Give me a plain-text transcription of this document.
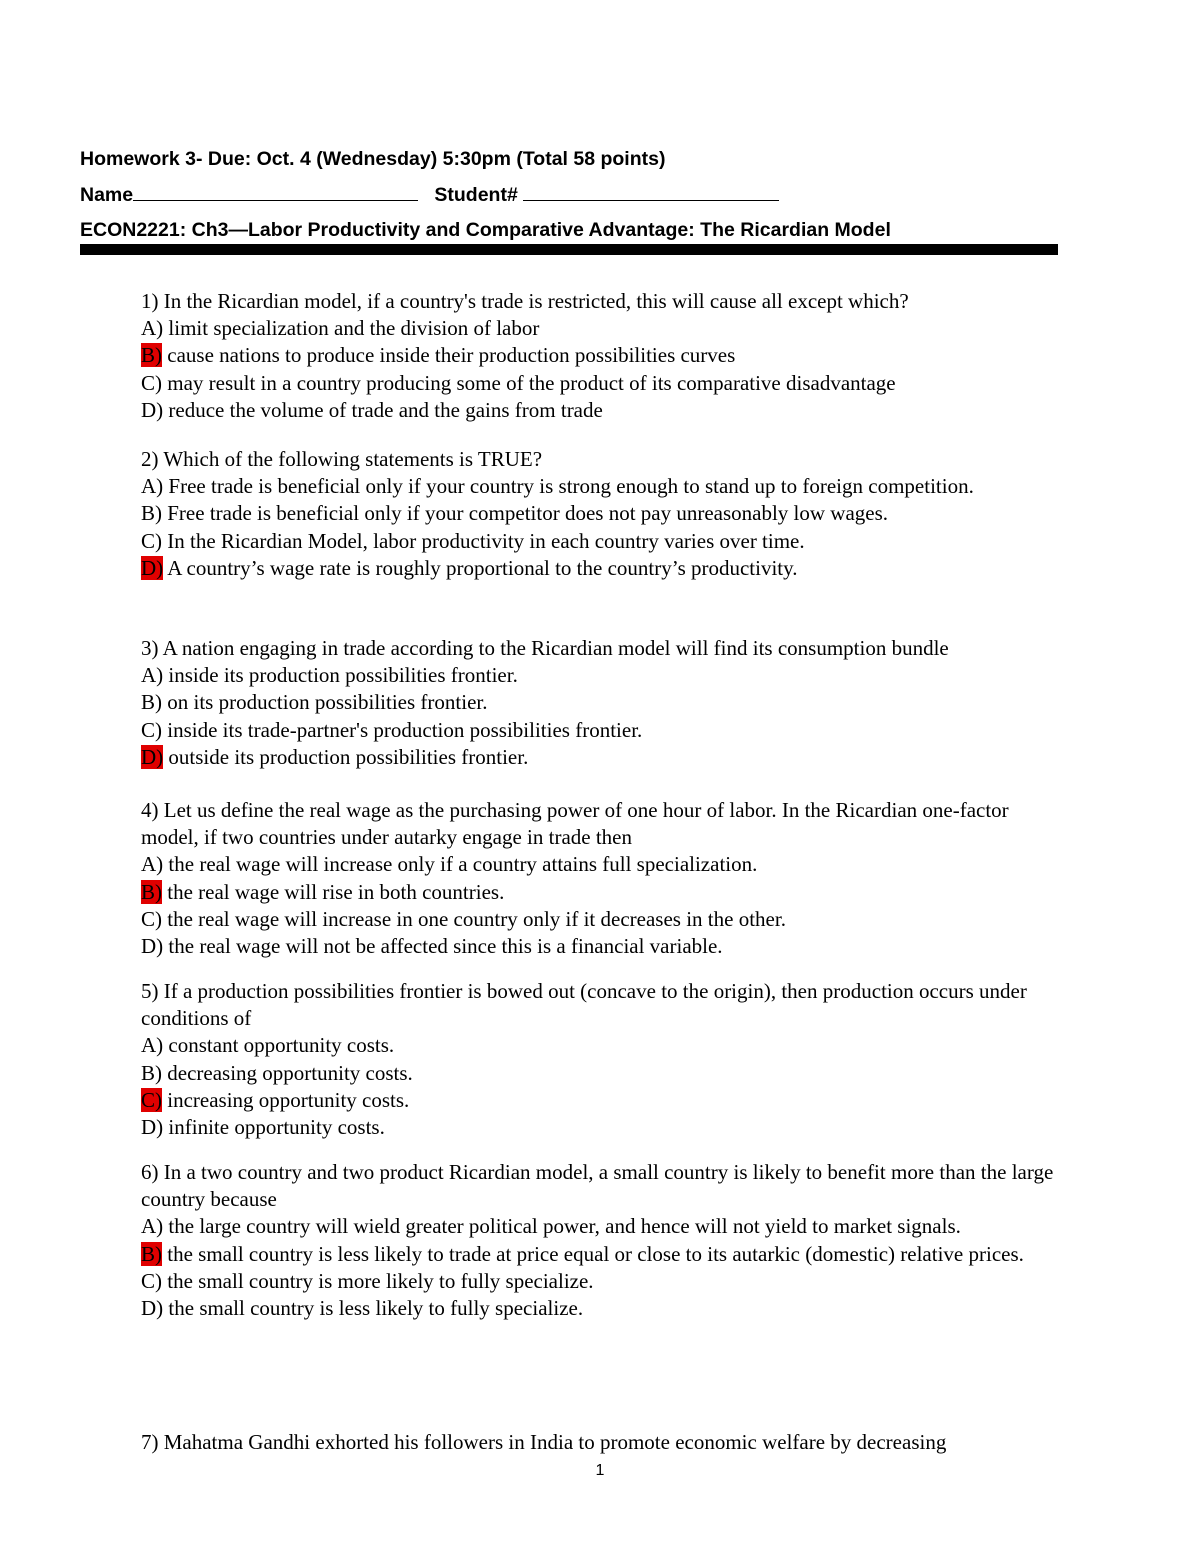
Homework 3- Due: Oct. 4 (Wednesday) 5:30pm (Total 58 points)
Name	Student#
ECON2221: Ch3—Labor Productivity and Comparative Advantage: The Ricardian Model

1) In the Ricardian model, if a country's trade is restricted, this will cause all except which?

A) limit specialization and the division of labor

B) cause nations to produce inside their production possibilities curves

C) may result in a country producing some of the product of its comparative disadvantage

D) reduce the volume of trade and the gains from trade

2) Which of the following statements is TRUE?

A) Free trade is beneficial only if your country is strong enough to stand up to foreign competition.

B) Free trade is beneficial only if your competitor does not pay unreasonably low wages.

C) In the Ricardian Model, labor productivity in each country varies over time.

D) A country’s wage rate is roughly proportional to the country’s productivity.

3) A nation engaging in trade according to the Ricardian model will find its consumption bundle

A) inside its production possibilities frontier.

B) on its production possibilities frontier.

C) inside its trade-partner's production possibilities frontier.

D) outside its production possibilities frontier.

4) Let us define the real wage as the purchasing power of one hour of labor. In the Ricardian one-factor model, if two countries under autarky engage in trade then

A) the real wage will increase only if a country attains full specialization.

B) the real wage will rise in both countries.

C) the real wage will increase in one country only if it decreases in the other.

D) the real wage will not be affected since this is a financial variable.

5) If a production possibilities frontier is bowed out (concave to the origin), then production occurs under conditions of

A) constant opportunity costs.

B) decreasing opportunity costs.

C) increasing opportunity costs.

D) infinite opportunity costs.

6) In a two country and two product Ricardian model, a small country is likely to benefit more than the large country because

A) the large country will wield greater political power, and hence will not yield to market signals.

B) the small country is less likely to trade at price equal or close to its autarkic (domestic) relative prices.

C) the small country is more likely to fully specialize.

D) the small country is less likely to fully specialize.

7) Mahatma Gandhi exhorted his followers in India to promote economic welfare by decreasing

1
